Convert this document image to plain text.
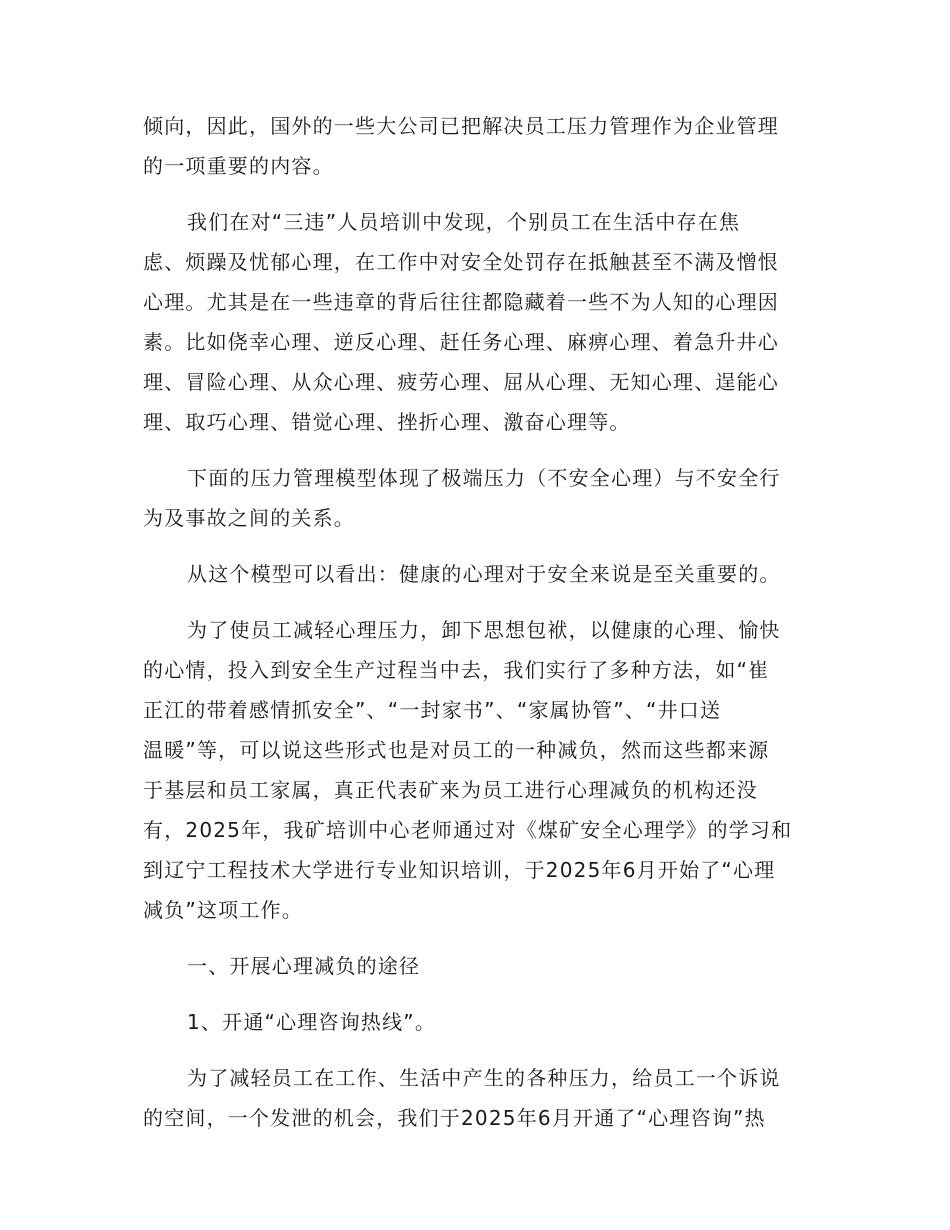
倾向，因此，国外的一些大公司已把解决员工压力管理作为企业管理
的一项重要的内容。
我们在对“三违”人员培训中发现，个别员工在生活中存在焦
虑、烦躁及忧郁心理，在工作中对安全处罚存在抵触甚至不满及憎恨
心理。尤其是在一些违章的背后往往都隐藏着一些不为人知的心理因
素。比如侥幸心理、逆反心理、赶任务心理、麻痹心理、着急升井心
理、冒险心理、从众心理、疲劳心理、屈从心理、无知心理、逞能心
理、取巧心理、错觉心理、挫折心理、激奋心理等。
下面的压力管理模型体现了极端压力（不安全心理）与不安全行
为及事故之间的关系。
从这个模型可以看出：健康的心理对于安全来说是至关重要的。
为了使员工减轻心理压力，卸下思想包袱，以健康的心理、愉快
的心情，投入到安全生产过程当中去，我们实行了多种方法，如“崔
正江的带着感情抓安全”、“一封家书”、“家属协管”、“井口送
温暖”等，可以说这些形式也是对员工的一种减负，然而这些都来源
于基层和员工家属，真正代表矿来为员工进行心理减负的机构还没
有，2025年，我矿培训中心老师通过对《煤矿安全心理学》的学习和
到辽宁工程技术大学进行专业知识培训，于2025年6月开始了“心理
减负”这项工作。
一、开展心理减负的途径
1、开通“心理咨询热线”。
为了减轻员工在工作、生活中产生的各种压力，给员工一个诉说
的空间，一个发泄的机会，我们于2025年6月开通了“心理咨询”热
